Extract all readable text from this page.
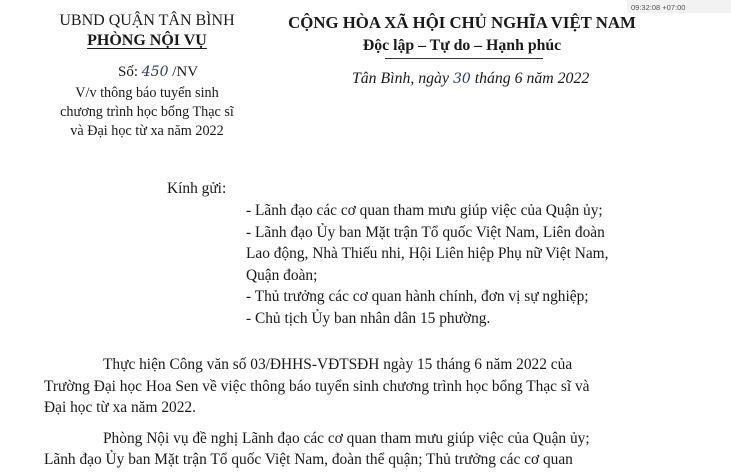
09:32:08 +07:00
UBND QUẬN TÂN BÌNH
PHÒNG NỘI VỤ
Số: 450 /NV
V/v thông báo tuyển sinh
chương trình học bổng Thạc sĩ
và Đại học từ xa năm 2022
CỘNG HÒA XÃ HỘI CHỦ NGHĨA VIỆT NAM
Độc lập – Tự do – Hạnh phúc
Tân Bình, ngày 30 tháng 6 năm 2022
Kính gửi:
- Lãnh đạo các cơ quan tham mưu giúp việc của Quận ủy;
- Lãnh đạo Ủy ban Mặt trận Tổ quốc Việt Nam, Liên đoàn
Lao động, Nhà Thiếu nhi, Hội Liên hiệp Phụ nữ Việt Nam,
Quận đoàn;
- Thủ trưởng các cơ quan hành chính, đơn vị sự nghiệp;
- Chủ tịch Ủy ban nhân dân 15 phường.
Thực hiện Công văn số 03/ĐHHS-VĐTSĐH ngày 15 tháng 6 năm 2022 của
Trường Đại học Hoa Sen về việc thông báo tuyển sinh chương trình học bổng Thạc sĩ và
Đại học từ xa năm 2022.
Phòng Nội vụ đề nghị Lãnh đạo các cơ quan tham mưu giúp việc của Quận ủy;
Lãnh đạo Ủy ban Mặt trận Tổ quốc Việt Nam, đoàn thể quận; Thủ trưởng các cơ quan
